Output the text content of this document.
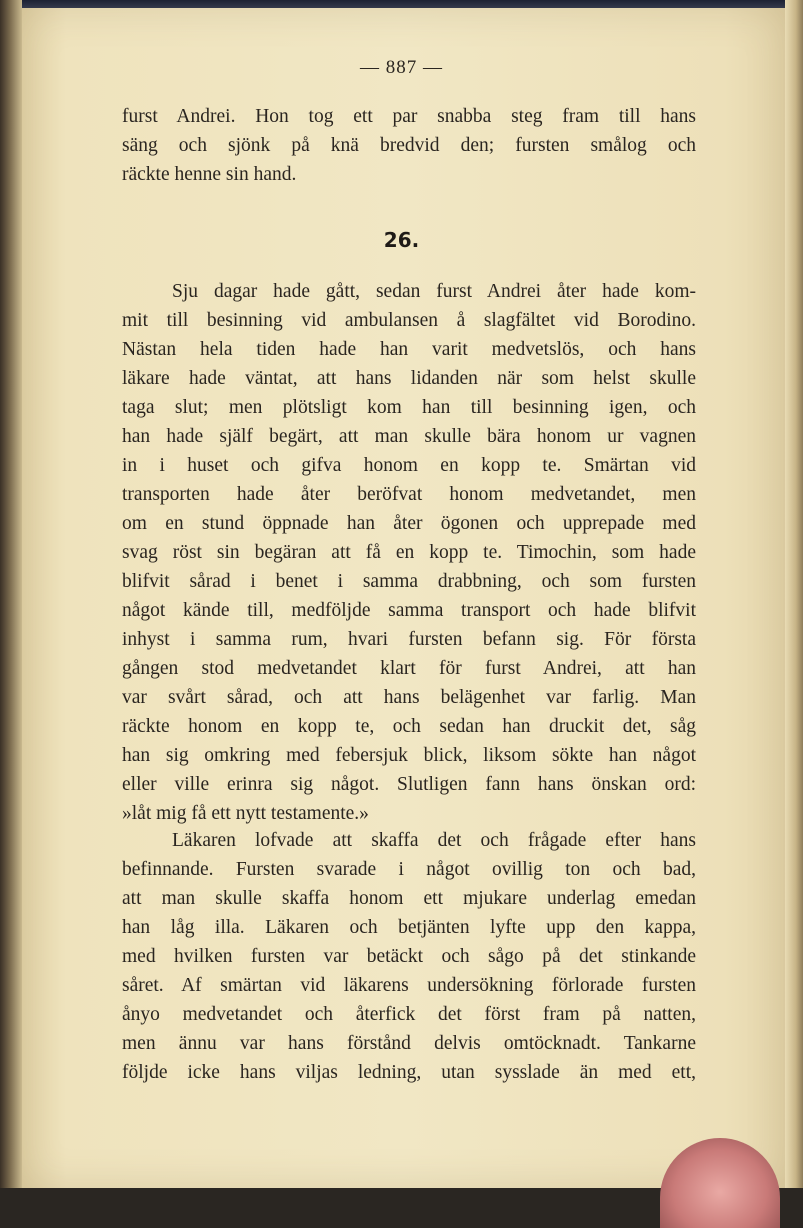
— 887 —
furst Andrei. Hon tog ett par snabba steg fram till hans
säng och sjönk på knä bredvid den; fursten smålog och
räckte henne sin hand.
26.
Sju dagar hade gått, sedan furst Andrei åter hade kom-
mit till besinning vid ambulansen å slagfältet vid Borodino.
Nästan hela tiden hade han varit medvetslös, och hans
läkare hade väntat, att hans lidanden när som helst skulle
taga slut; men plötsligt kom han till besinning igen, och
han hade själf begärt, att man skulle bära honom ur vagnen
in i huset och gifva honom en kopp te. Smärtan vid
transporten hade åter beröfvat honom medvetandet, men
om en stund öppnade han åter ögonen och upprepade med
svag röst sin begäran att få en kopp te. Timochin, som hade
blifvit sårad i benet i samma drabbning, och som fursten
något kände till, medföljde samma transport och hade blifvit
inhyst i samma rum, hvari fursten befann sig. För första
gången stod medvetandet klart för furst Andrei, att han
var svårt sårad, och att hans belägenhet var farlig. Man
räckte honom en kopp te, och sedan han druckit det, såg
han sig omkring med febersjuk blick, liksom sökte han något
eller ville erinra sig något. Slutligen fann hans önskan ord:
»låt mig få ett nytt testamente.»
Läkaren lofvade att skaffa det och frågade efter hans
befinnande. Fursten svarade i något ovillig ton och bad,
att man skulle skaffa honom ett mjukare underlag emedan
han låg illa. Läkaren och betjänten lyfte upp den kappa,
med hvilken fursten var betäckt och sågo på det stinkande
såret. Af smärtan vid läkarens undersökning förlorade fursten
ånyo medvetandet och återfick det först fram på natten,
men ännu var hans förstånd delvis omtöcknadt. Tankarne
följde icke hans viljas ledning, utan sysslade än med ett,
